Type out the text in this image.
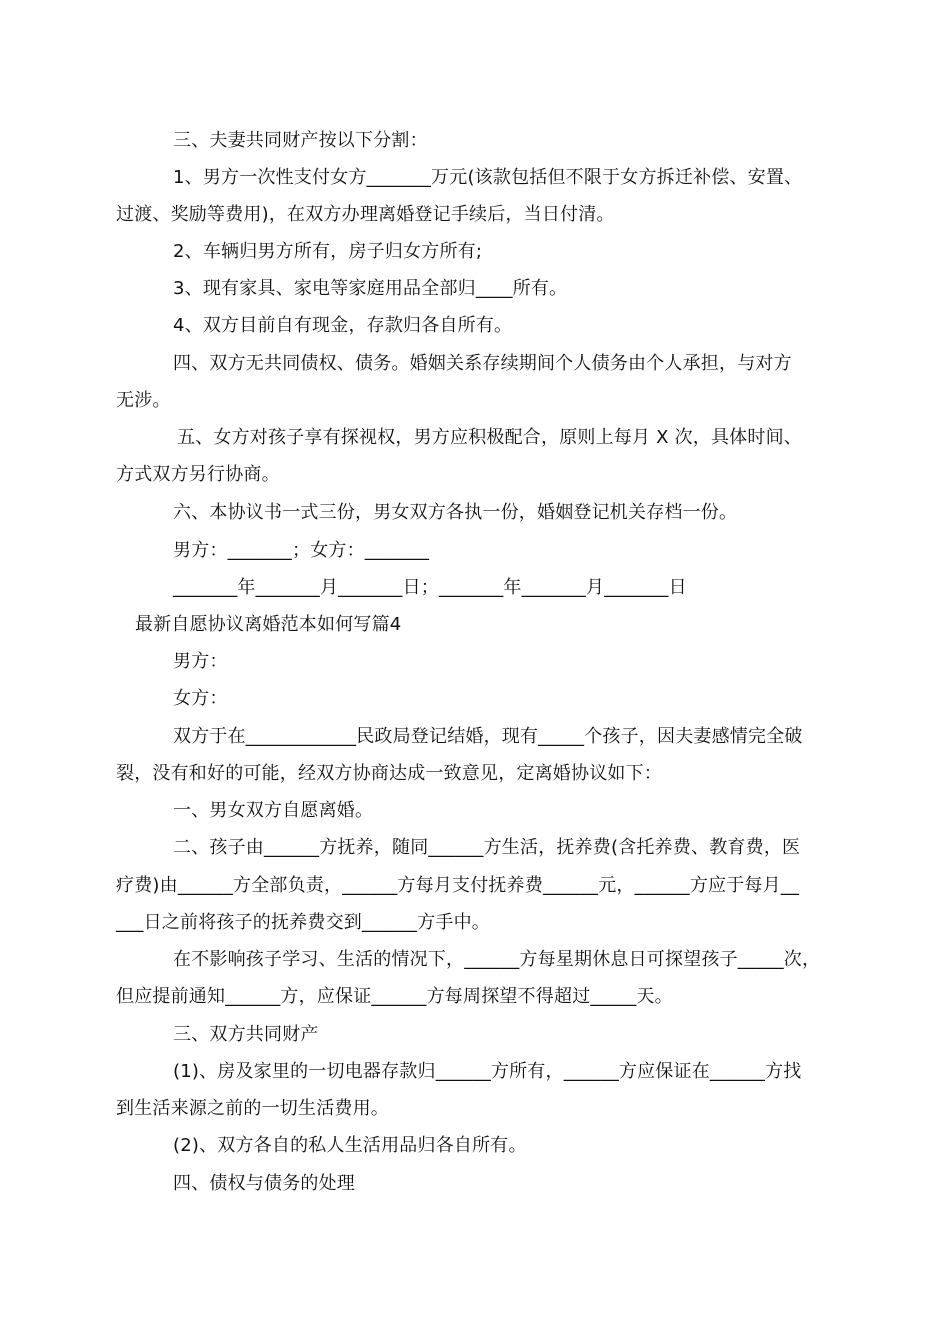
三、夫妻共同财产按以下分割：
1、男方一次性支付女方_______万元(该款包括但不限于女方拆迁补偿、安置、
过渡、奖励等费用)，在双方办理离婚登记手续后，当日付清。
2、车辆归男方所有，房子归女方所有;
3、现有家具、家电等家庭用品全部归____所有。
4、双方目前自有现金，存款归各自所有。
四、双方无共同债权、债务。婚姻关系存续期间个人债务由个人承担，与对方
无涉。
五、女方对孩子享有探视权，男方应积极配合，原则上每月 X 次，具体时间、
方式双方另行协商。
六、本协议书一式三份，男女双方各执一份，婚姻登记机关存档一份。
男方：_______；女方：_______
_______年_______月_______日；_______年_______月_______日
最新自愿协议离婚范本如何写篇4
男方：
女方：
双方于在____________民政局登记结婚，现有_____个孩子，因夫妻感情完全破
裂，没有和好的可能，经双方协商达成一致意见，定离婚协议如下：
一、男女双方自愿离婚。
二、孩子由______方抚养，随同______方生活，抚养费(含托养费、教育费，医
疗费)由______方全部负责，______方每月支付抚养费______元，______方应于每月__
___日之前将孩子的抚养费交到______方手中。
在不影响孩子学习、生活的情况下，______方每星期休息日可探望孩子_____次，
但应提前通知______方，应保证______方每周探望不得超过_____天。
三、双方共同财产
(1)、房及家里的一切电器存款归______方所有，______方应保证在______方找
到生活来源之前的一切生活费用。
(2)、双方各自的私人生活用品归各自所有。
四、债权与债务的处理
